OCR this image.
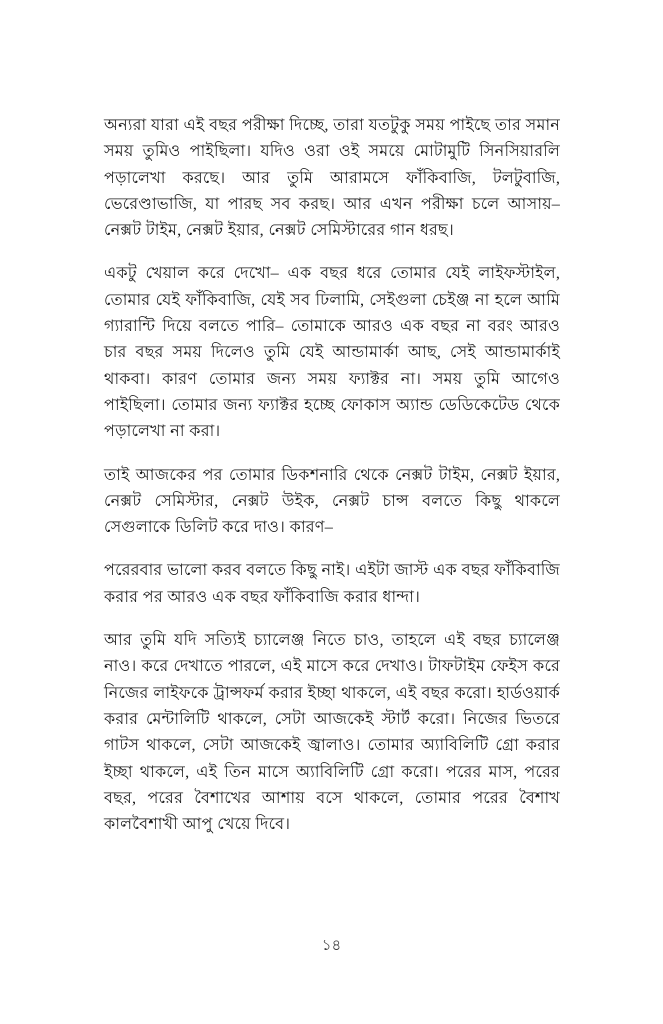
অন্যরা যারা এই বছর পরীক্ষা দিচ্ছে, তারা যতটুকু সময় পাইছে তার সমান সময় তুমিও পাইছিলা। যদিও ওরা ওই সময়ে মোটামুটি সিনসিয়ারলি পড়ালেখা করছে। আর তুমি আরামসে ফাঁকিবাজি, টলটুবাজি, ভেরেণ্ডাভাজি, যা পারছ সব করছ। আর এখন পরীক্ষা চলে আসায়– নেক্সট টাইম, নেক্সট ইয়ার, নেক্সট সেমিস্টারের গান ধরছ।

একটু খেয়াল করে দেখো– এক বছর ধরে তোমার যেই লাইফস্টাইল, তোমার যেই ফাঁকিবাজি, যেই সব ঢিলামি, সেইগুলা চেইঞ্জ না হলে আমি গ্যারান্টি দিয়ে বলতে পারি– তোমাকে আরও এক বছর না বরং আরও চার বছর সময় দিলেও তুমি যেই আন্ডামার্কা আছ, সেই আন্ডামার্কাই থাকবা। কারণ তোমার জন্য সময় ফ্যাক্টর না। সময় তুমি আগেও পাইছিলা। তোমার জন্য ফ্যাক্টর হচ্ছে ফোকাস অ্যান্ড ডেডিকেটেড থেকে পড়ালেখা না করা।

তাই আজকের পর তোমার ডিকশনারি থেকে নেক্সট টাইম, নেক্সট ইয়ার, নেক্সট সেমিস্টার, নেক্সট উইক, নেক্সট চান্স বলতে কিছু থাকলে সেগুলাকে ডিলিট করে দাও। কারণ–

পরেরবার ভালো করব বলতে কিছু নাই। এইটা জাস্ট এক বছর ফাঁকিবাজি করার পর আরও এক বছর ফাঁকিবাজি করার ধান্দা।

আর তুমি যদি সত্যিই চ্যালেঞ্জ নিতে চাও, তাহলে এই বছর চ্যালেঞ্জ নাও। করে দেখাতে পারলে, এই মাসে করে দেখাও। টাফটাইম ফেইস করে নিজের লাইফকে ট্রান্সফর্ম করার ইচ্ছা থাকলে, এই বছর করো। হার্ডওয়ার্ক করার মেন্টালিটি থাকলে, সেটা আজকেই স্টার্ট করো। নিজের ভিতরে গাটস থাকলে, সেটা আজকেই জ্বালাও। তোমার অ্যাবিলিটি গ্রো করার ইচ্ছা থাকলে, এই তিন মাসে অ্যাবিলিটি গ্রো করো। পরের মাস, পরের বছর, পরের বৈশাখের আশায় বসে থাকলে, তোমার পরের বৈশাখ কালবৈশাখী আপু খেয়ে দিবে।

১৪
